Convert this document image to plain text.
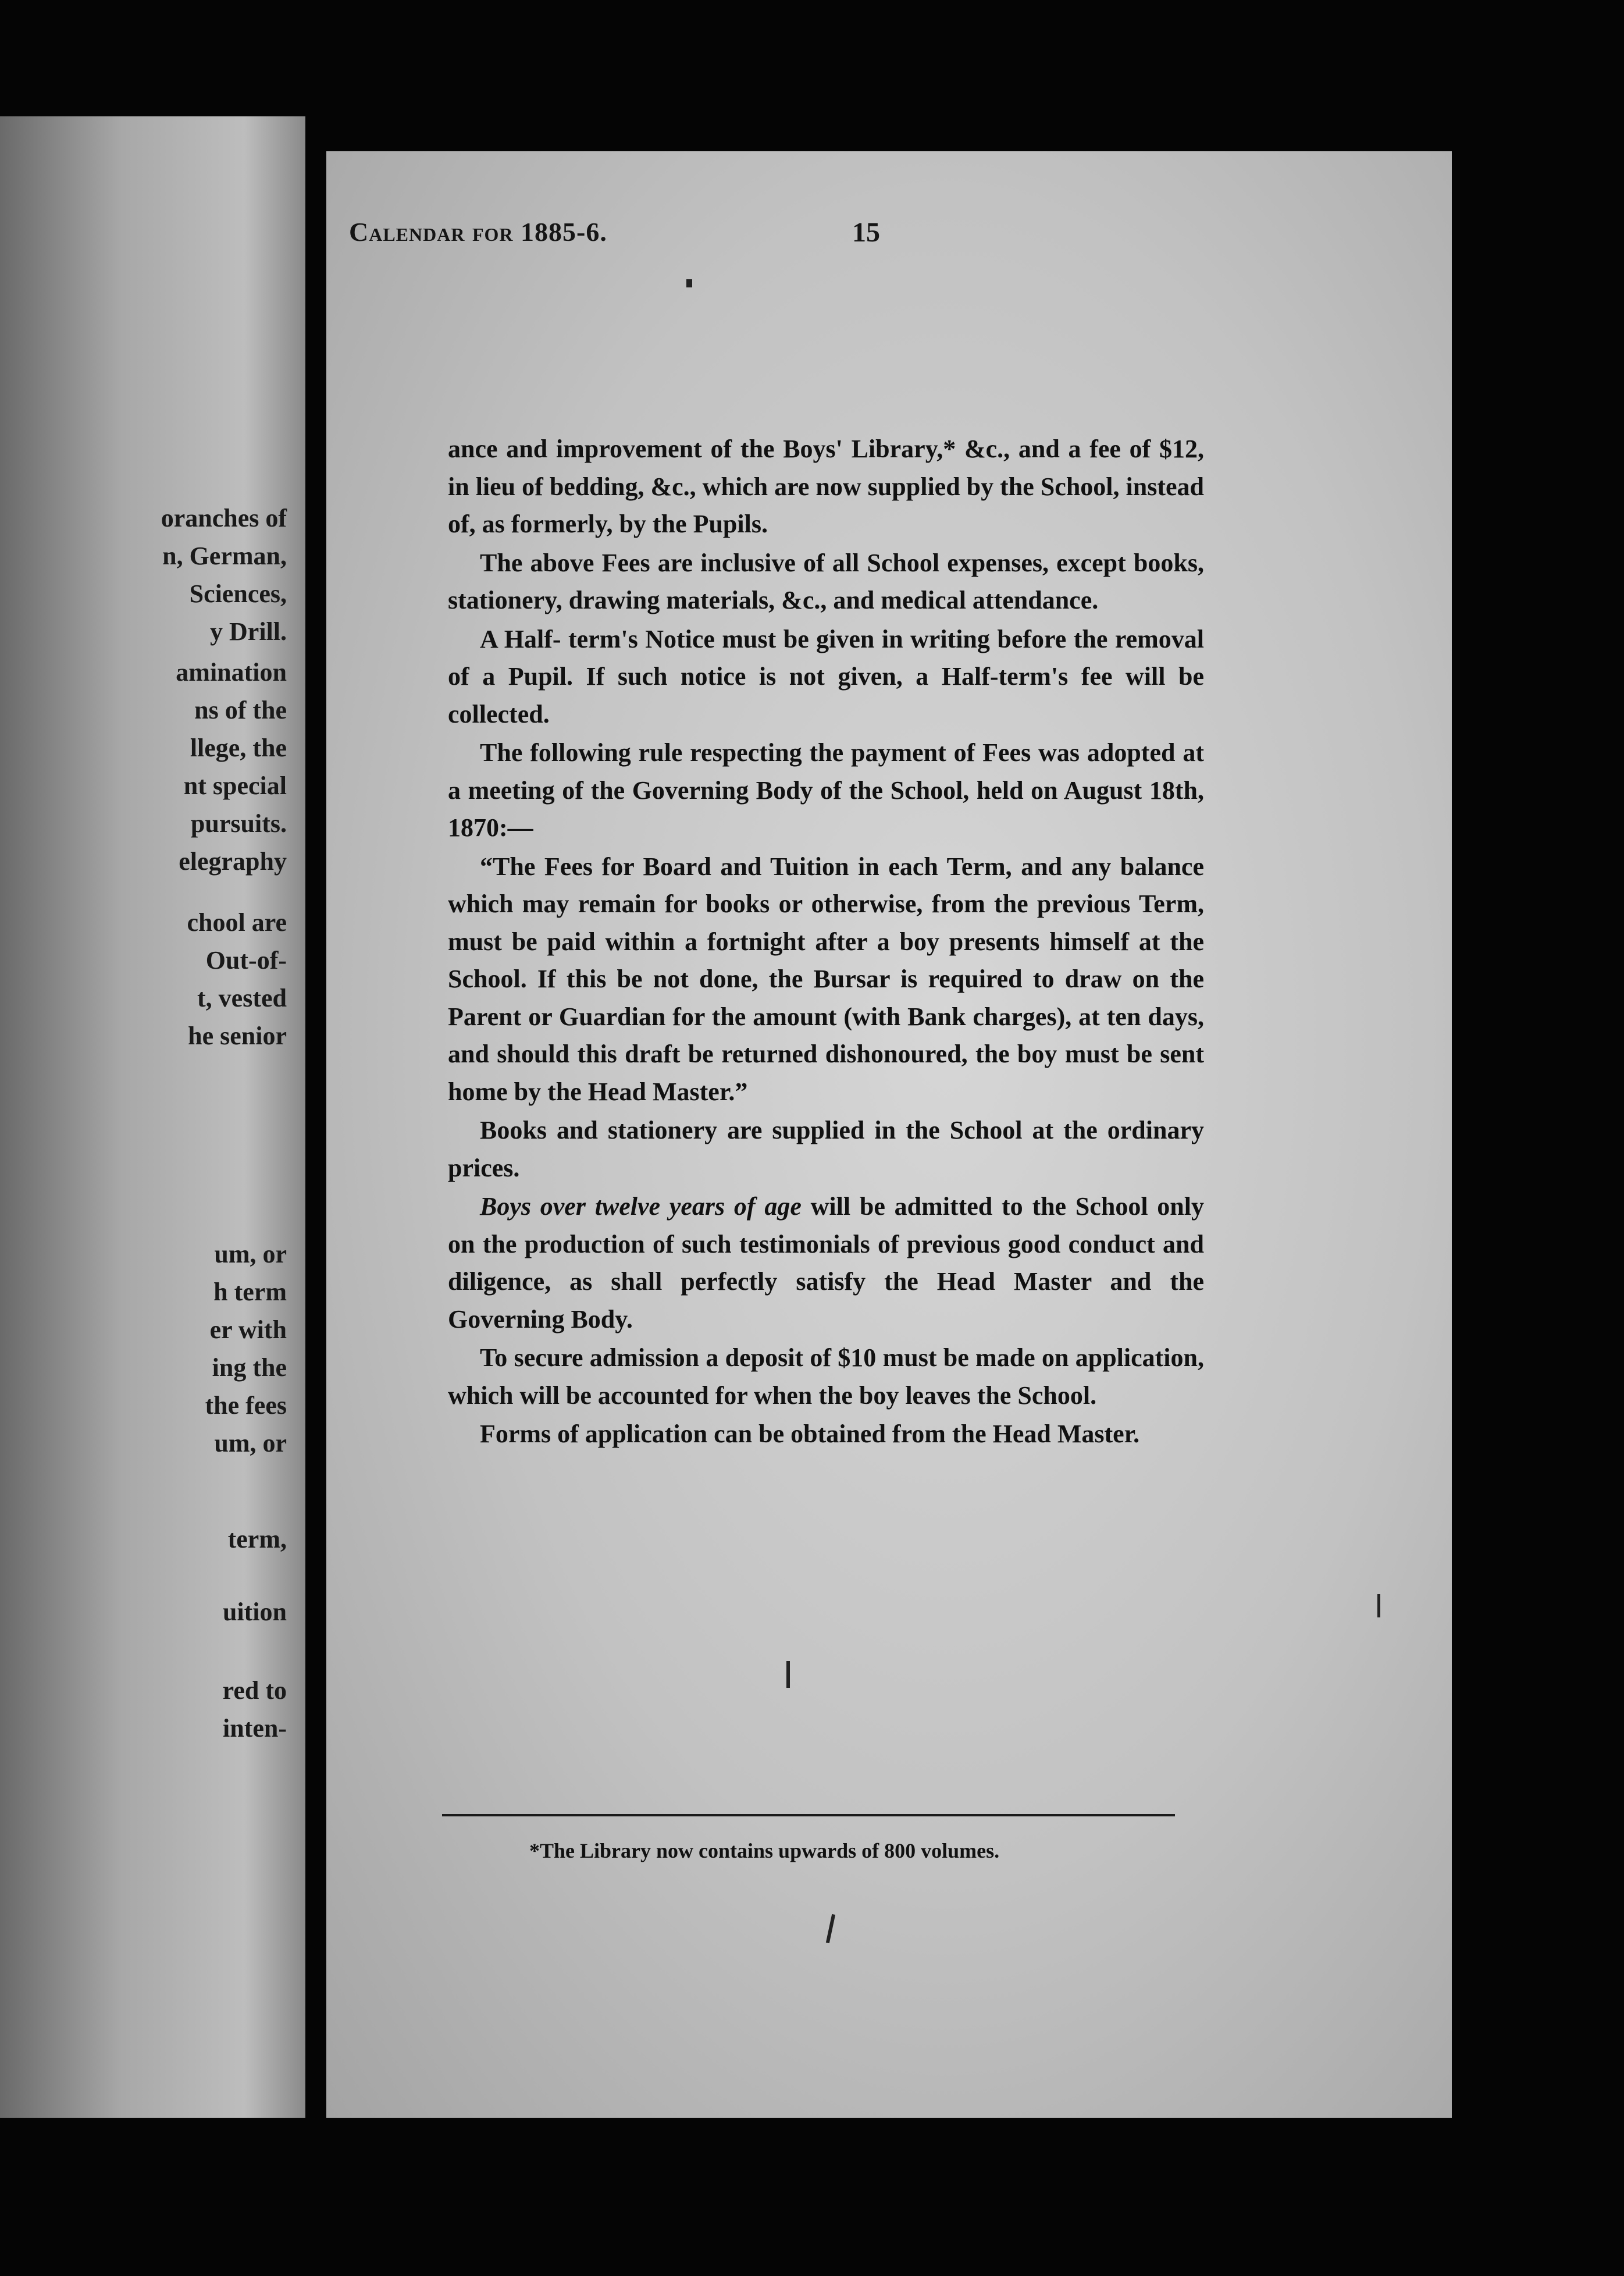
oranches of
n, German,
Sciences,
y Drill.
amination
ns of the
llege, the
nt special
pursuits.
elegraphy
chool are
Out-of-
t, vested
he senior
um, or
h term
er with
ing the
the fees
um, or
term,
uition
red to
inten-
Calendar for 1885-6.	15

ance and improvement of the Boys' Library,* &c., and a fee of $12, in lieu of bedding, &c., which are now supplied by the School, instead of, as formerly, by the Pupils.

The above Fees are inclusive of all School expenses, except books, stationery, drawing materials, &c., and medical attendance.

A Half- term's Notice must be given in writing before the removal of a Pupil. If such notice is not given, a Half-term's fee will be collected.

The following rule respecting the payment of Fees was adopted at a meeting of the Governing Body of the School, held on August 18th, 1870:—

“The Fees for Board and Tuition in each Term, and any balance which may remain for books or otherwise, from the previous Term, must be paid within a fortnight after a boy presents himself at the School. If this be not done, the Bursar is required to draw on the Parent or Guardian for the amount (with Bank charges), at ten days, and should this draft be returned dishonoured, the boy must be sent home by the Head Master.”

Books and stationery are supplied in the School at the ordinary prices.

Boys over twelve years of age will be admitted to the School only on the production of such testimonials of previous good conduct and diligence, as shall perfectly satisfy the Head Master and the Governing Body.

To secure admission a deposit of $10 must be made on application, which will be accounted for when the boy leaves the School.

Forms of application can be obtained from the Head Master.

*The Library now contains upwards of 800 volumes.
